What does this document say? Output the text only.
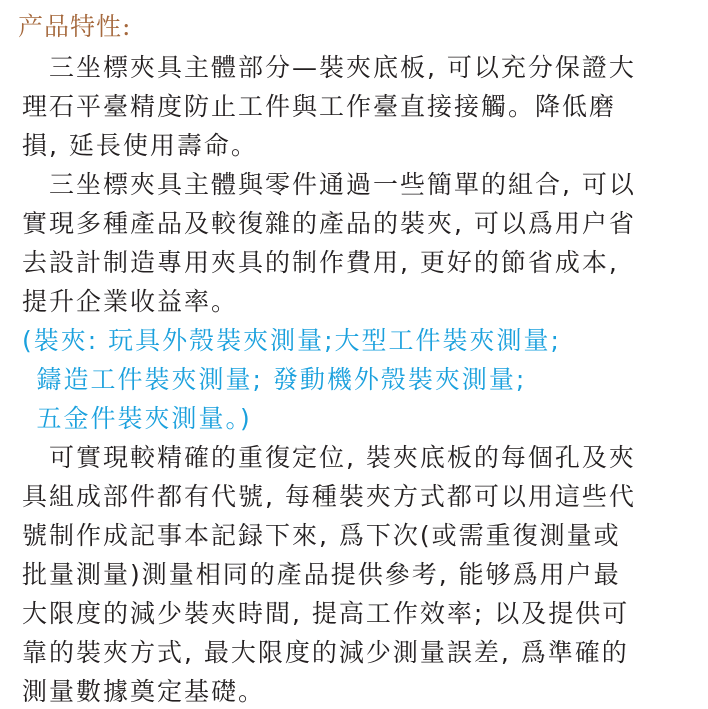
产品特性:
　三坐標夾具主體部分—裝夾底板, 可以充分保證大
理石平臺精度防止工件與工作臺直接接觸。降低磨
損, 延長使用壽命。
　三坐標夾具主體與零件通過一些簡單的組合, 可以
實現多種產品及較復雜的產品的裝夾, 可以爲用户省
去設計制造專用夾具的制作費用, 更好的節省成本,
提升企業收益率。
(裝夾: 玩具外殼裝夾測量;大型工件裝夾測量;
 鑄造工件裝夾測量; 發動機外殼裝夾測量;
 五金件裝夾測量。)
　可實現較精確的重復定位, 裝夾底板的每個孔及夾
具組成部件都有代號, 每種裝夾方式都可以用這些代
號制作成記事本記録下來, 爲下次(或需重復測量或
批量測量)測量相同的產品提供參考, 能够爲用户最
大限度的減少裝夾時間, 提高工作效率; 以及提供可
靠的裝夾方式, 最大限度的減少測量誤差, 爲準確的
測量數據奠定基礎。
